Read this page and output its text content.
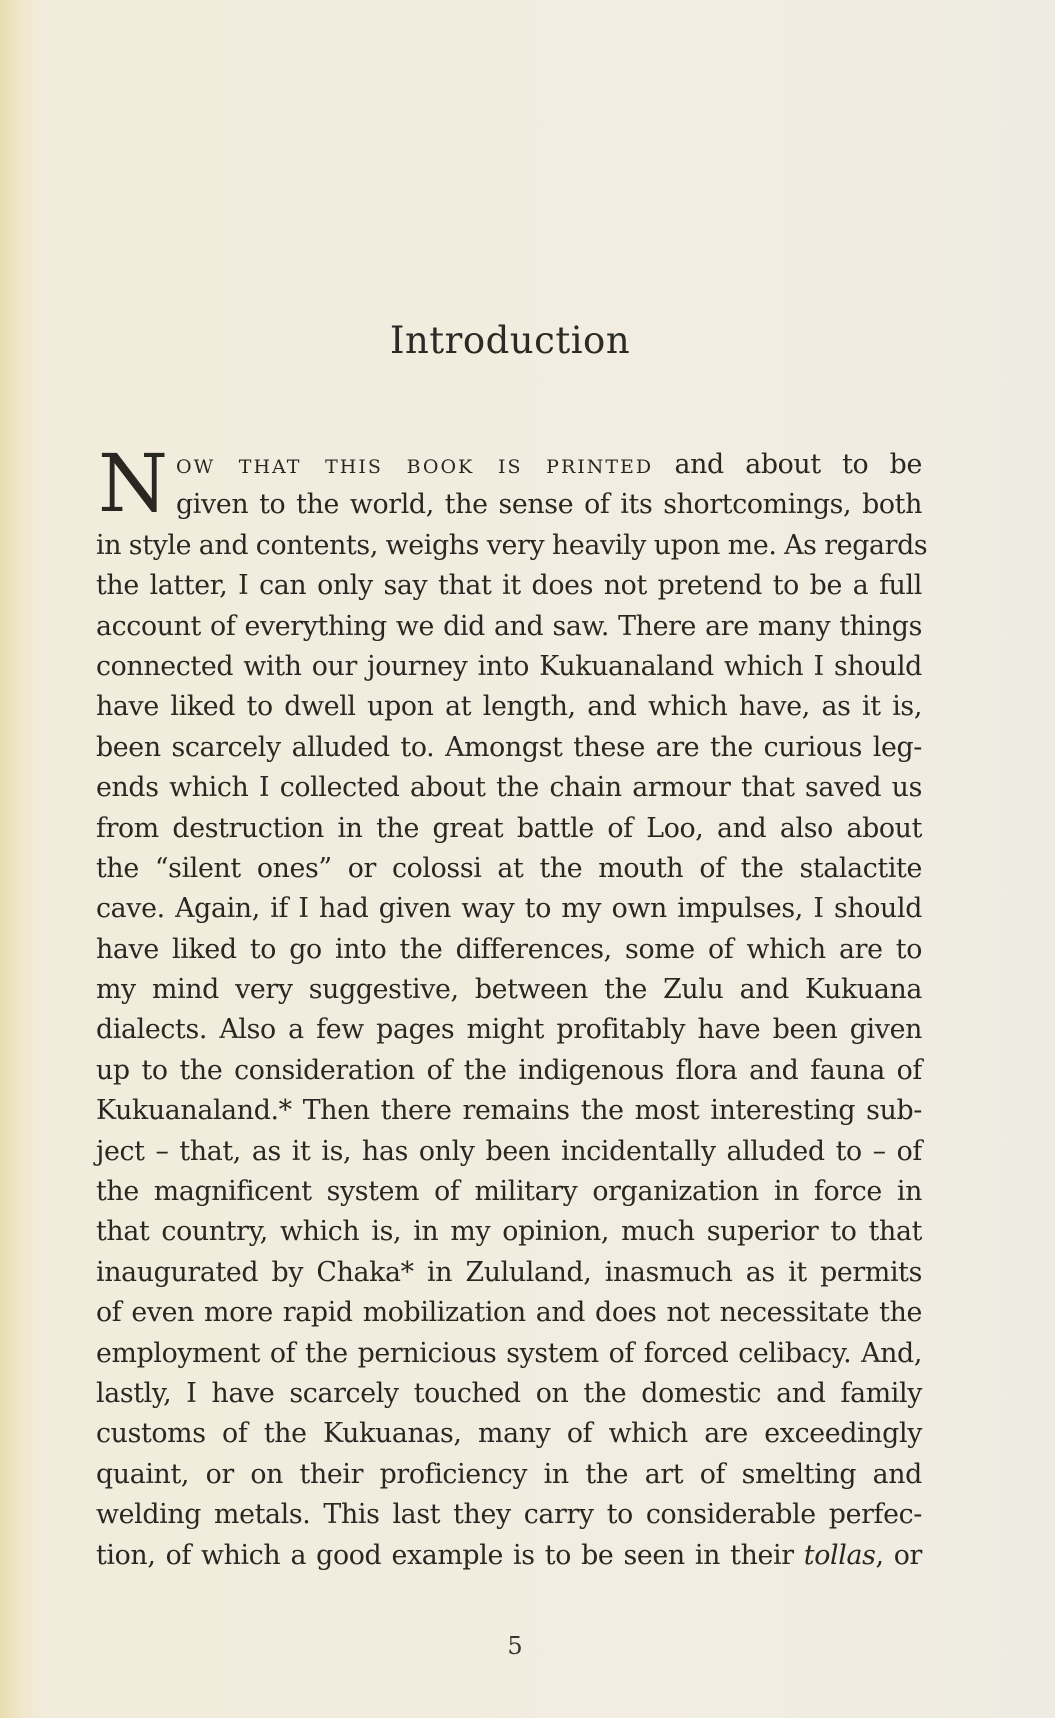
Introduction
N ow that this book is printed and about to be
given to the world, the sense of its shortcomings, both
in style and contents, weighs very heavily upon me. As regards
the latter, I can only say that it does not pretend to be a full
account of everything we did and saw. There are many things
connected with our journey into Kukuanaland which I should
have liked to dwell upon at length, and which have, as it is,
been scarcely alluded to. Amongst these are the curious leg-
ends which I collected about the chain armour that saved us
from destruction in the great battle of Loo, and also about
the “silent ones” or colossi at the mouth of the stalactite
cave. Again, if I had given way to my own impulses, I should
have liked to go into the differences, some of which are to
my mind very suggestive, between the Zulu and Kukuana
dialects. Also a few pages might profitably have been given
up to the consideration of the indigenous flora and fauna of
Kukuanaland.* Then there remains the most interesting sub-
ject – that, as it is, has only been incidentally alluded to – of
the magnificent system of military organization in force in
that country, which is, in my opinion, much superior to that
inaugurated by Chaka* in Zululand, inasmuch as it permits
of even more rapid mobilization and does not necessitate the
employment of the pernicious system of forced celibacy. And,
lastly, I have scarcely touched on the domestic and family
customs of the Kukuanas, many of which are exceedingly
quaint, or on their proficiency in the art of smelting and
welding metals. This last they carry to considerable perfec-
tion, of which a good example is to be seen in their tollas, or
5
